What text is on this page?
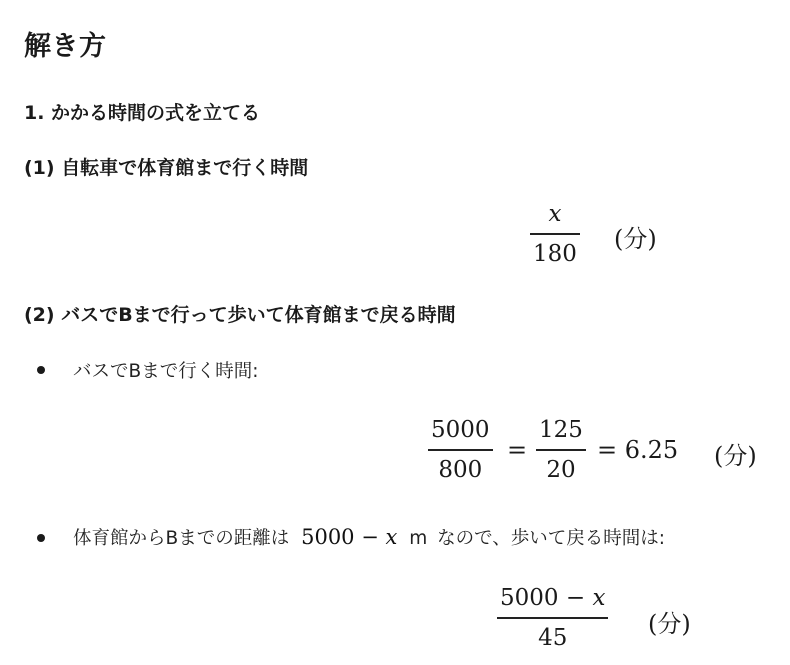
解き方
1. かかる時間の式を立てる
(1) 自転車で体育館まで行く時間
x
180
(分)
(2) バスでBまで行って歩いて体育館まで戻る時間
バスでBまで行く時間:
5000
800
=
125
20
= 6.25 (分)
体育館からBまでの距離は 5000 − x m なので、歩いて戻る時間は:
5000 − x
45	(分)
